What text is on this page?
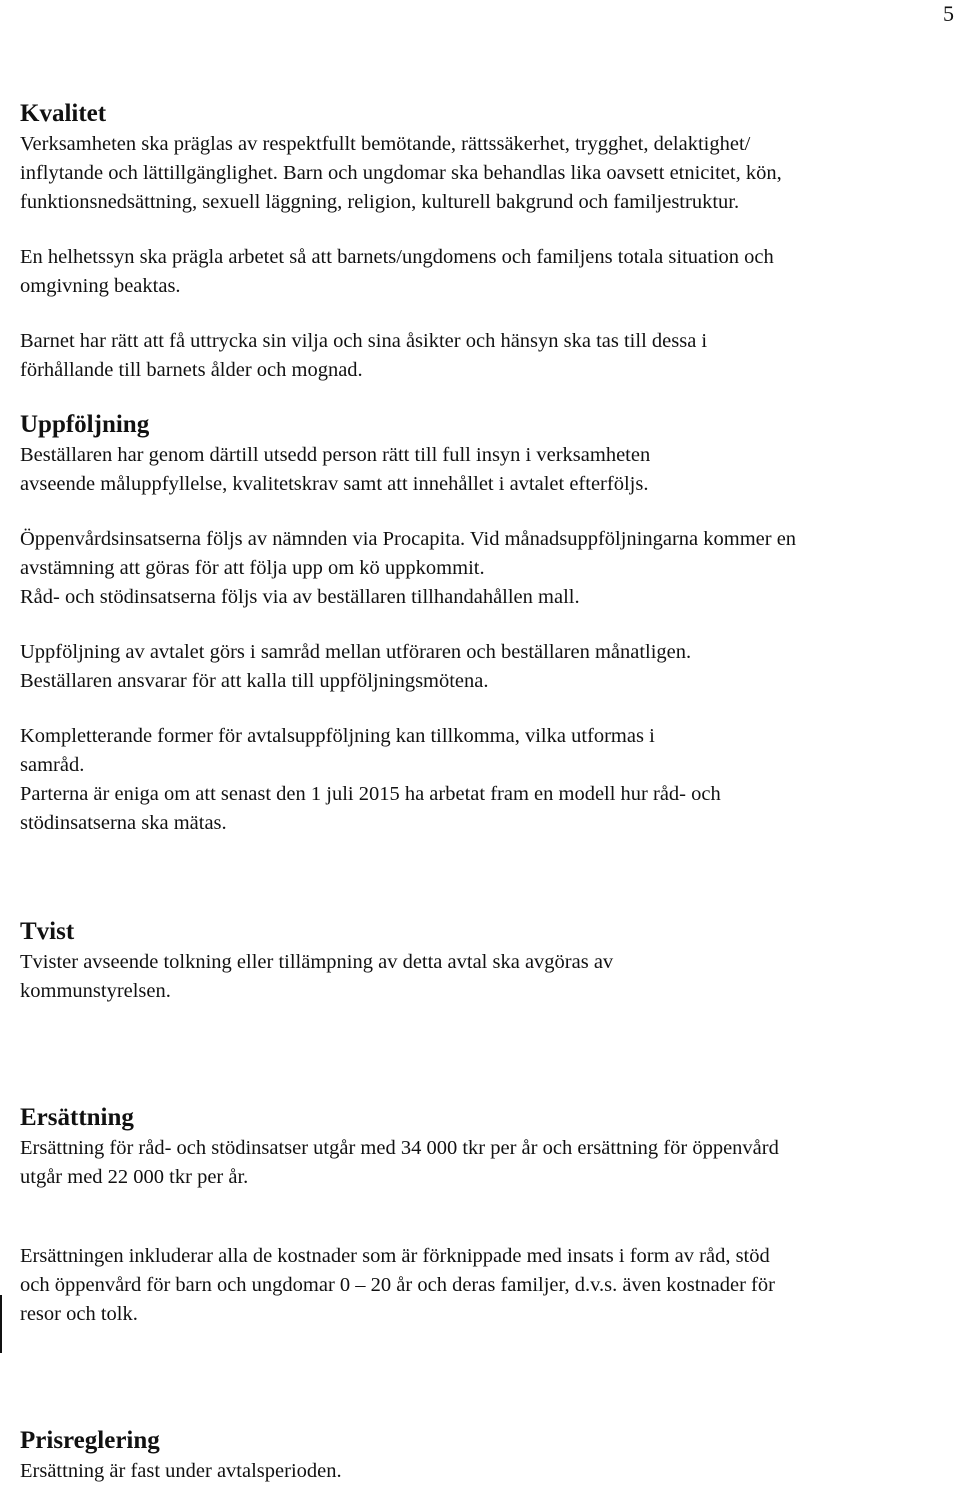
5
Kvalitet
Verksamheten ska präglas av respektfullt bemötande, rättssäkerhet, trygghet, delaktighet/
inflytande och lättillgänglighet. Barn och ungdomar ska behandlas lika oavsett etnicitet, kön,
funktionsnedsättning, sexuell läggning, religion, kulturell bakgrund och familjestruktur.
En helhetssyn ska prägla arbetet så att barnets/ungdomens och familjens totala situation och
omgivning beaktas.
Barnet har rätt att få uttrycka sin vilja och sina åsikter och hänsyn ska tas till dessa i
förhållande till barnets ålder och mognad.
Uppföljning
Beställaren har genom därtill utsedd person rätt till full insyn i verksamheten
avseende måluppfyllelse, kvalitetskrav samt att innehållet i avtalet efterföljs.
Öppenvårdsinsatserna följs av nämnden via Procapita. Vid månadsuppföljningarna kommer en
avstämning att göras för att följa upp om kö uppkommit.
Råd- och stödinsatserna följs via av beställaren tillhandahållen mall.
Uppföljning av avtalet görs i samråd mellan utföraren och beställaren månatligen.
Beställaren ansvarar för att kalla till uppföljningsmötena.
Kompletterande former för avtalsuppföljning kan tillkomma, vilka utformas i
samråd.
Parterna är eniga om att senast den 1 juli 2015 ha arbetat fram en modell hur råd- och
stödinsatserna ska mätas.
Tvist
Tvister avseende tolkning eller tillämpning av detta avtal ska avgöras av
kommunstyrelsen.
Ersättning
Ersättning för råd- och stödinsatser utgår med 34 000 tkr per år och ersättning för öppenvård
utgår med 22 000 tkr per år.
Ersättningen inkluderar alla de kostnader som är förknippade med insats i form av råd, stöd
och öppenvård för barn och ungdomar 0 – 20 år och deras familjer, d.v.s. även kostnader för
resor och tolk.
Prisreglering
Ersättning är fast under avtalsperioden.
